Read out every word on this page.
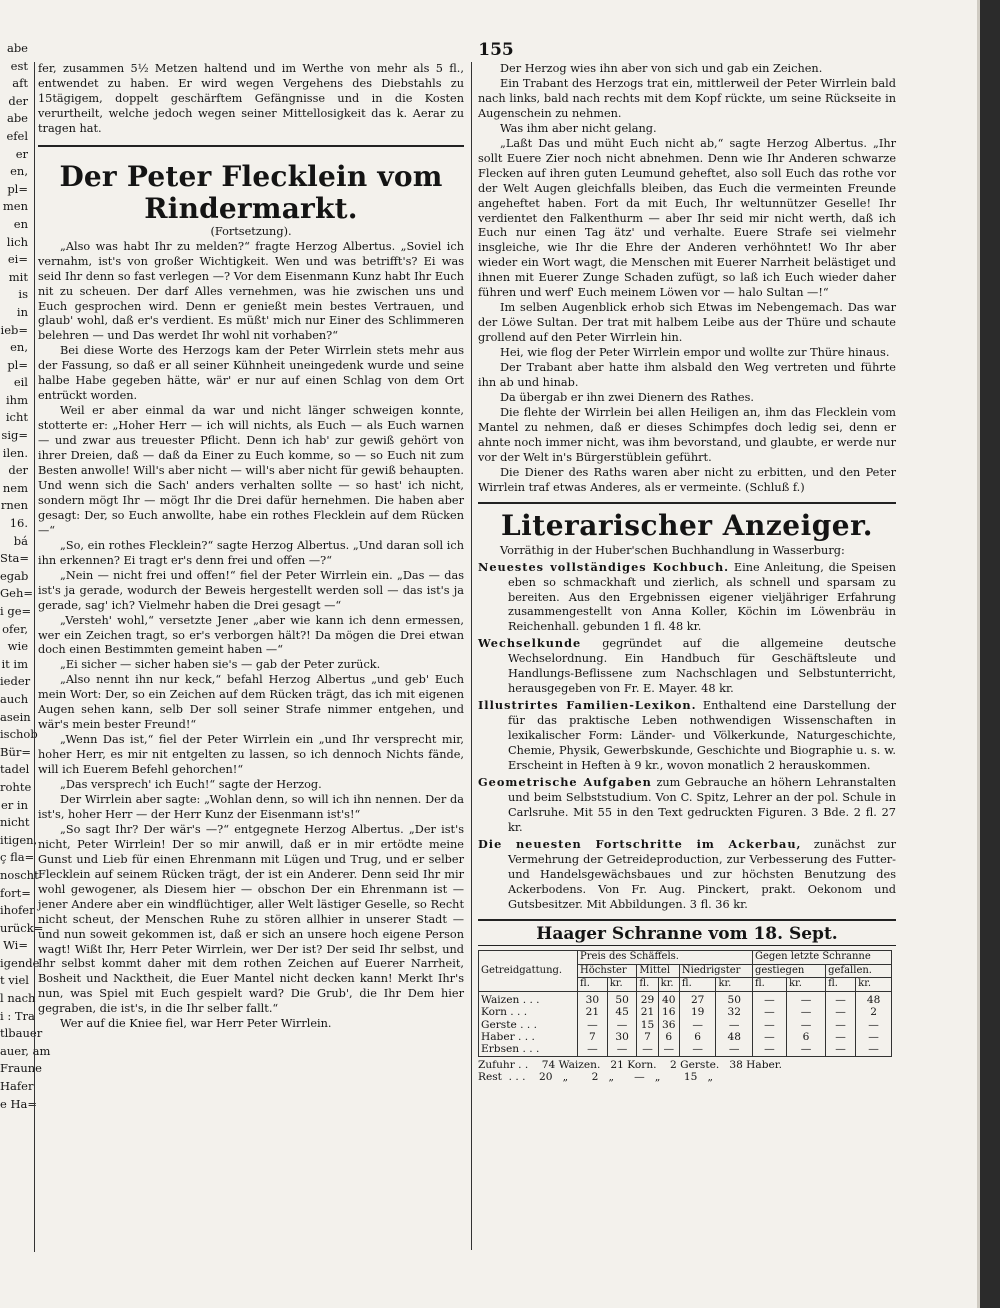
abe
est
aft
der
abe
efel
er
en,
pl=
men
en
lich
ei=
mit
is
in
ieb=
en,
pl=
eil
ihm
icht
sig=
ilen.
der
nem
rnen
16.
bá
Sta=
egab
Geh=
i ge=
ofer,
wie
it im
ieder
auch
asein
ischob
Bür=
tadel
rohte
er in
nicht
itigen,
ç fla=
noscht
fort=
ihofer
urück=
Wi=
igende
t viel
l nach
i : Tra
tlbauer
auer, am
Fraune
Hafer
e Ha=
155

fer, zusammen 5½ Metzen haltend und im Werthe von mehr als 5 fl., entwendet zu haben. Er wird wegen Vergehens des Diebstahls zu 15tägigem, doppelt geschärftem Gefängnisse und in die Kosten verurtheilt, welche jedoch wegen seiner Mittellosigkeit das k. Aerar zu tragen hat.

Der Peter Flecklein vom Rindermarkt.

(Fortsetzung).

„Also was habt Ihr zu melden?“ fragte Herzog Albertus. „Soviel ich vernahm, ist's von großer Wichtigkeit. Wen und was betrifft's? Ei was seid Ihr denn so fast verlegen —? Vor dem Eisenmann Kunz habt Ihr Euch nit zu scheuen. Der darf Alles vernehmen, was hie zwischen uns und Euch gesprochen wird. Denn er genießt mein bestes Vertrauen, und glaub' wohl, daß er's verdient. Es müßt' mich nur Einer des Schlimmeren belehren — und Das werdet Ihr wohl nit vorhaben?“

Bei diese Worte des Herzogs kam der Peter Wirrlein stets mehr aus der Fassung, so daß er all seiner Kühnheit uneingedenk wurde und seine halbe Habe gegeben hätte, wär' er nur auf einen Schlag von dem Ort entrückt worden.

Weil er aber einmal da war und nicht länger schweigen konnte, stotterte er: „Hoher Herr — ich will nichts, als Euch — als Euch warnen — und zwar aus treuester Pflicht. Denn ich hab' zur gewiß gehört von ihrer Dreien, daß — daß da Einer zu Euch komme, so — so Euch nit zum Besten anwolle! Will's aber nicht — will's aber nicht für gewiß behaupten. Und wenn sich die Sach' anders verhalten sollte — so hast' ich nicht, sondern mögt Ihr — mögt Ihr die Drei dafür hernehmen. Die haben aber gesagt: Der, so Euch anwollte, habe ein rothes Flecklein auf dem Rücken —“

„So, ein rothes Flecklein?“ sagte Herzog Albertus. „Und daran soll ich ihn erkennen? Ei tragt er's denn frei und offen —?“

„Nein — nicht frei und offen!“ fiel der Peter Wirrlein ein. „Das — das ist's ja gerade, wodurch der Beweis hergestellt werden soll — das ist's ja gerade, sag' ich? Vielmehr haben die Drei gesagt —“

„Versteh' wohl,“ versetzte Jener „aber wie kann ich denn ermessen, wer ein Zeichen tragt, so er's verborgen hält?! Da mögen die Drei etwan doch einen Bestimmten gemeint haben —“

„Ei sicher — sicher haben sie's — gab der Peter zurück.

„Also nennt ihn nur keck,“ befahl Herzog Albertus „und geb' Euch mein Wort: Der, so ein Zeichen auf dem Rücken trägt, das ich mit eigenen Augen sehen kann, selb Der soll seiner Strafe nimmer entgehen, und wär's mein bester Freund!“

„Wenn Das ist,“ fiel der Peter Wirrlein ein „und Ihr versprecht mir, hoher Herr, es mir nit entgelten zu lassen, so ich dennoch Nichts fände, will ich Euerem Befehl gehorchen!“

„Das versprech' ich Euch!“ sagte der Herzog.

Der Wirrlein aber sagte: „Wohlan denn, so will ich ihn nennen. Der da ist's, hoher Herr — der Herr Kunz der Eisenmann ist's!“

„So sagt Ihr? Der wär's —?“ entgegnete Herzog Albertus. „Der ist's nicht, Peter Wirrlein! Der so mir anwill, daß er in mir ertödte meine Gunst und Lieb für einen Ehrenmann mit Lügen und Trug, und er selber Flecklein auf seinem Rücken trägt, der ist ein Anderer. Denn seid Ihr mir wohl gewogener, als Diesem hier — obschon Der ein Ehrenmann ist — jener Andere aber ein windflüchtiger, aller Welt lästiger Geselle, so Recht nicht scheut, der Menschen Ruhe zu stören allhier in unserer Stadt — und nun soweit gekommen ist, daß er sich an unsere hoch eigene Person wagt! Wißt Ihr, Herr Peter Wirrlein, wer Der ist? Der seid Ihr selbst, und Ihr selbst kommt daher mit dem rothen Zeichen auf Euerer Narrheit, Bosheit und Nacktheit, die Euer Mantel nicht decken kann! Merkt Ihr's nun, was Spiel mit Euch gespielt ward? Die Grub', die Ihr Dem hier gegraben, die ist's, in die Ihr selber fallt.“

Wer auf die Kniee fiel, war Herr Peter Wirrlein.

Der Herzog wies ihn aber von sich und gab ein Zeichen.

Ein Trabant des Herzogs trat ein, mittlerweil der Peter Wirrlein bald nach links, bald nach rechts mit dem Kopf rückte, um seine Rückseite in Augenschein zu nehmen.

Was ihm aber nicht gelang.

„Laßt Das und müht Euch nicht ab,“ sagte Herzog Albertus. „Ihr sollt Euere Zier noch nicht abnehmen. Denn wie Ihr Anderen schwarze Flecken auf ihren guten Leumund geheftet, also soll Euch das rothe vor der Welt Augen gleichfalls bleiben, das Euch die vermeinten Freunde angeheftet haben. Fort da mit Euch, Ihr weltunnützer Geselle! Ihr verdientet den Falkenthurm — aber Ihr seid mir nicht werth, daß ich Euch nur einen Tag ätz' und verhalte. Euere Strafe sei vielmehr insgleiche, wie Ihr die Ehre der Anderen verhöhntet! Wo Ihr aber wieder ein Wort wagt, die Menschen mit Euerer Narrheit belästiget und ihnen mit Euerer Zunge Schaden zufügt, so laß ich Euch wieder daher führen und werf' Euch meinem Löwen vor — halo Sultan —!“

Im selben Augenblick erhob sich Etwas im Nebengemach. Das war der Löwe Sultan. Der trat mit halbem Leibe aus der Thüre und schaute grollend auf den Peter Wirrlein hin.

Hei, wie flog der Peter Wirrlein empor und wollte zur Thüre hinaus.

Der Trabant aber hatte ihm alsbald den Weg vertreten und führte ihn ab und hinab.

Da übergab er ihn zwei Dienern des Rathes.

Die flehte der Wirrlein bei allen Heiligen an, ihm das Flecklein vom Mantel zu nehmen, daß er dieses Schimpfes doch ledig sei, denn er ahnte noch immer nicht, was ihm bevorstand, und glaubte, er werde nur vor der Welt in's Bürgerstüblein geführt.

Die Diener des Raths waren aber nicht zu erbitten, und den Peter Wirrlein traf etwas Anderes, als er vermeinte. (Schluß f.)

Literarischer Anzeiger.

Vorräthig in der Huber'schen Buchhandlung in Wasserburg:

Neuestes vollständiges Kochbuch. Eine Anleitung, die Speisen eben so schmackhaft und zierlich, als schnell und sparsam zu bereiten. Aus den Ergebnissen eigener vieljähriger Erfahrung zusammengestellt von Anna Koller, Köchin im Löwenbräu in Reichenhall. gebunden 1 fl. 48 kr.
Wechselkunde gegründet auf die allgemeine deutsche Wechselordnung. Ein Handbuch für Geschäftsleute und Handlungs-Beflissene zum Nachschlagen und Selbstunterricht, herausgegeben von Fr. E. Mayer. 48 kr.
Illustrirtes Familien-Lexikon. Enthaltend eine Darstellung der für das praktische Leben nothwendigen Wissenschaften in lexikalischer Form: Länder- und Völkerkunde, Naturgeschichte, Chemie, Physik, Gewerbskunde, Geschichte und Biographie u. s. w. Erscheint in Heften à 9 kr., wovon monatlich 2 herauskommen.
Geometrische Aufgaben zum Gebrauche an höhern Lehranstalten und beim Selbststudium. Von C. Spitz, Lehrer an der pol. Schule in Carlsruhe. Mit 55 in den Text gedruckten Figuren. 3 Bde. 2 fl. 27 kr.
Die neuesten Fortschritte im Ackerbau, zunächst zur Vermehrung der Getreideproduction, zur Verbesserung des Futter- und Handelsgewächsbaues und zur höchsten Benutzung des Ackerbodens. Von Fr. Aug. Pinckert, prakt. Oekonom und Gutsbesitzer. Mit Abbildungen. 3 fl. 36 kr.
Haager Schranne vom 18. Sept.
Getreidgattung.	Preis des Schäffels.						Gegen letzte Schranne			
	Höchster		Mittel		Niedrigster		gestiegen		gefallen.	
	fl.	kr.	fl.	kr.	fl.	kr.	fl.	kr.	fl.	kr.
Waizen . . .	30	50	29	40	27	50	—	—	—	48
Korn . . .	21	45	21	16	19	32	—	—	—	2
Gerste . . .	—	—	15	36	—	—	—	—	—	—
Haber . . .	7	30	7	6	6	48	—	6	—	—
Erbsen . . .	—	—	—	—	—	—	—	—	—	—
Zufuhr . .    74 Waizen.   21 Korn.    2 Gerste.   38 Haber.
Rest  . . .    20   „       2   „      —   „       15   „
